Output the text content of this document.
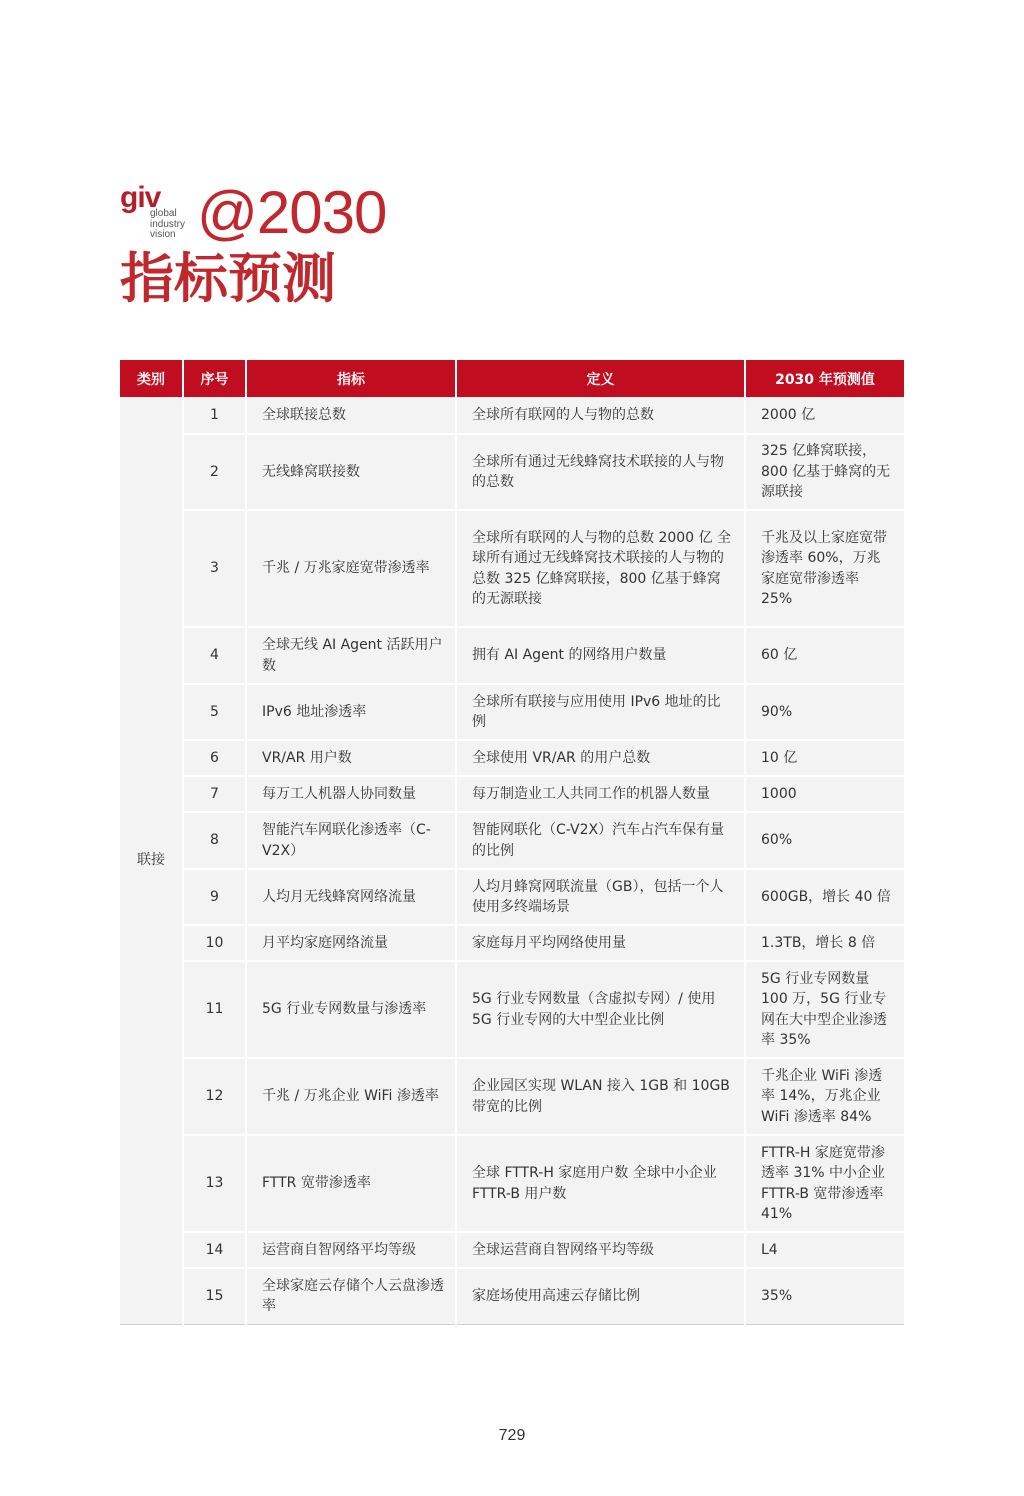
giv
global
industry
vision @2030
指标预测
类别	序号	指标	定义	2030 年预测值
联接	1	全球联接总数	全球所有联网的人与物的总数	2000 亿
	2	无线蜂窝联接数	全球所有通过无线蜂窝技术联接的人与物的总数	325 亿蜂窝联接，800 亿基于蜂窝的无源联接
	3	千兆 / 万兆家庭宽带渗透率	全球所有联网的人与物的总数 2000 亿 全球所有通过无线蜂窝技术联接的人与物的总数 325 亿蜂窝联接，800 亿基于蜂窝的无源联接	千兆及以上家庭宽带渗透率 60%，万兆家庭宽带渗透率 25%
	4	全球无线 AI Agent 活跃用户数	拥有 AI Agent 的网络用户数量	60 亿
	5	IPv6 地址渗透率	全球所有联接与应用使用 IPv6 地址的比例	90%
	6	VR/AR 用户数	全球使用 VR/AR 的用户总数	10 亿
	7	每万工人机器人协同数量	每万制造业工人共同工作的机器人数量	1000
	8	智能汽车网联化渗透率（C-V2X）	智能网联化（C-V2X）汽车占汽车保有量的比例	60%
	9	人均月无线蜂窝网络流量	人均月蜂窝网联流量（GB），包括一个人使用多终端场景	600GB，增长 40 倍
	10	月平均家庭网络流量	家庭每月平均网络使用量	1.3TB，增长 8 倍
	11	5G 行业专网数量与渗透率	5G 行业专网数量（含虚拟专网）/ 使用 5G 行业专网的大中型企业比例	5G 行业专网数量 100 万，5G 行业专网在大中型企业渗透率 35%
	12	千兆 / 万兆企业 WiFi 渗透率	企业园区实现 WLAN 接入 1GB 和 10GB 带宽的比例	千兆企业 WiFi 渗透率 14%，万兆企业 WiFi 渗透率 84%
	13	FTTR 宽带渗透率	全球 FTTR-H 家庭用户数 全球中小企业 FTTR-B 用户数	FTTR-H 家庭宽带渗透率 31% 中小企业 FTTR-B 宽带渗透率 41%
	14	运营商自智网络平均等级	全球运营商自智网络平均等级	L4
	15	全球家庭云存储个人云盘渗透率	家庭场使用高速云存储比例	35%
729
